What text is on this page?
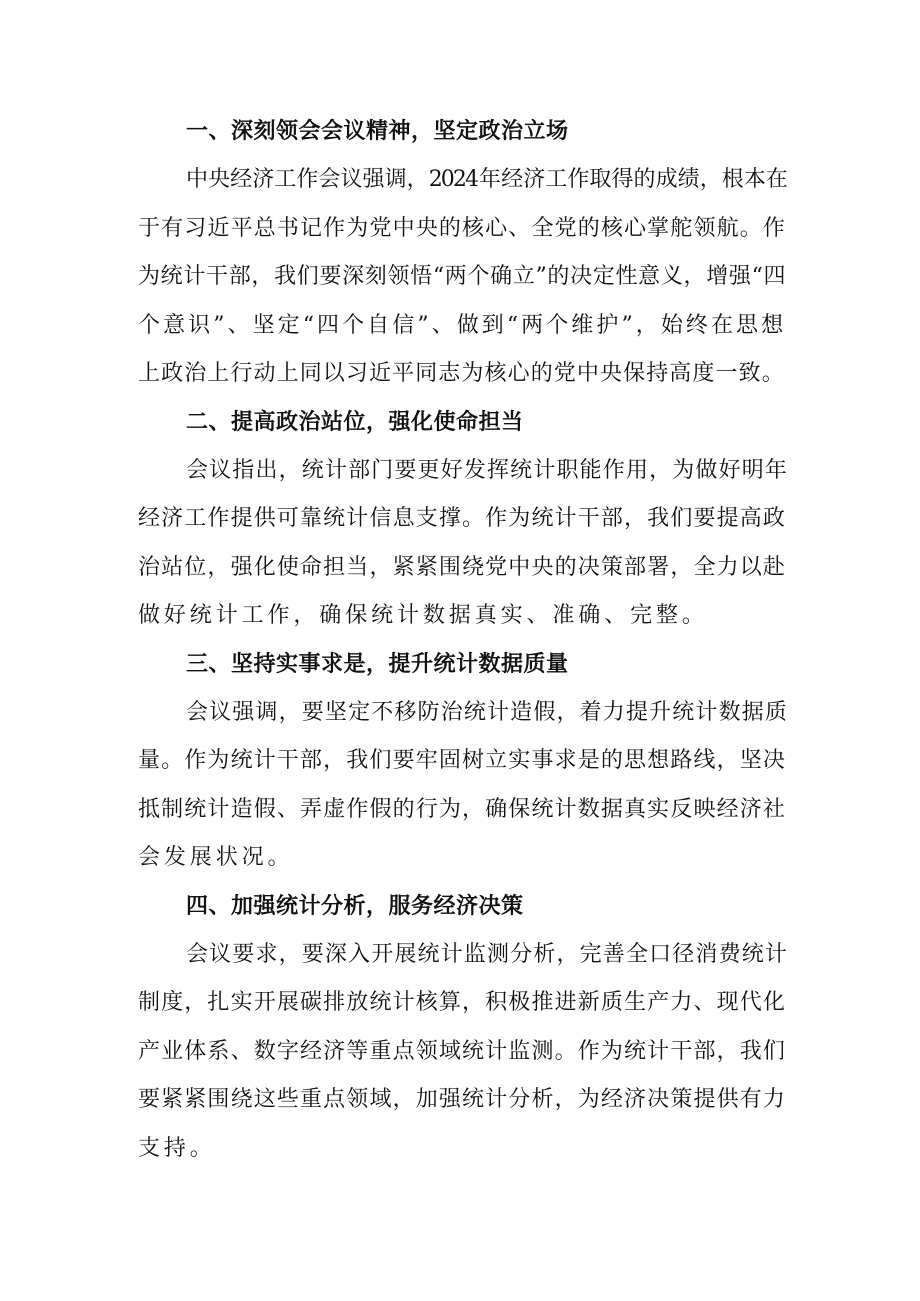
一、深刻领会会议精神，坚定政治立场

中央经济工作会议强调，2024年经济工作取得的成绩，根本在
于有习近平总书记作为党中央的核心、全党的核心掌舵领航。作
为统计干部，我们要深刻领悟“两个确立”的决定性意义，增强“四
个意识”、坚定“四个自信”、做到“两个维护”，始终在思想
上政治上行动上同以习近平同志为核心的党中央保持高度一致。

二、提高政治站位，强化使命担当

会议指出，统计部门要更好发挥统计职能作用，为做好明年
经济工作提供可靠统计信息支撑。作为统计干部，我们要提高政
治站位，强化使命担当，紧紧围绕党中央的决策部署，全力以赴
做好统计工作，确保统计数据真实、准确、完整。

三、坚持实事求是，提升统计数据质量

会议强调，要坚定不移防治统计造假，着力提升统计数据质
量。作为统计干部，我们要牢固树立实事求是的思想路线，坚决
抵制统计造假、弄虚作假的行为，确保统计数据真实反映经济社
会发展状况。

四、加强统计分析，服务经济决策

会议要求，要深入开展统计监测分析，完善全口径消费统计
制度，扎实开展碳排放统计核算，积极推进新质生产力、现代化
产业体系、数字经济等重点领域统计监测。作为统计干部，我们
要紧紧围绕这些重点领域，加强统计分析，为经济决策提供有力
支持。
